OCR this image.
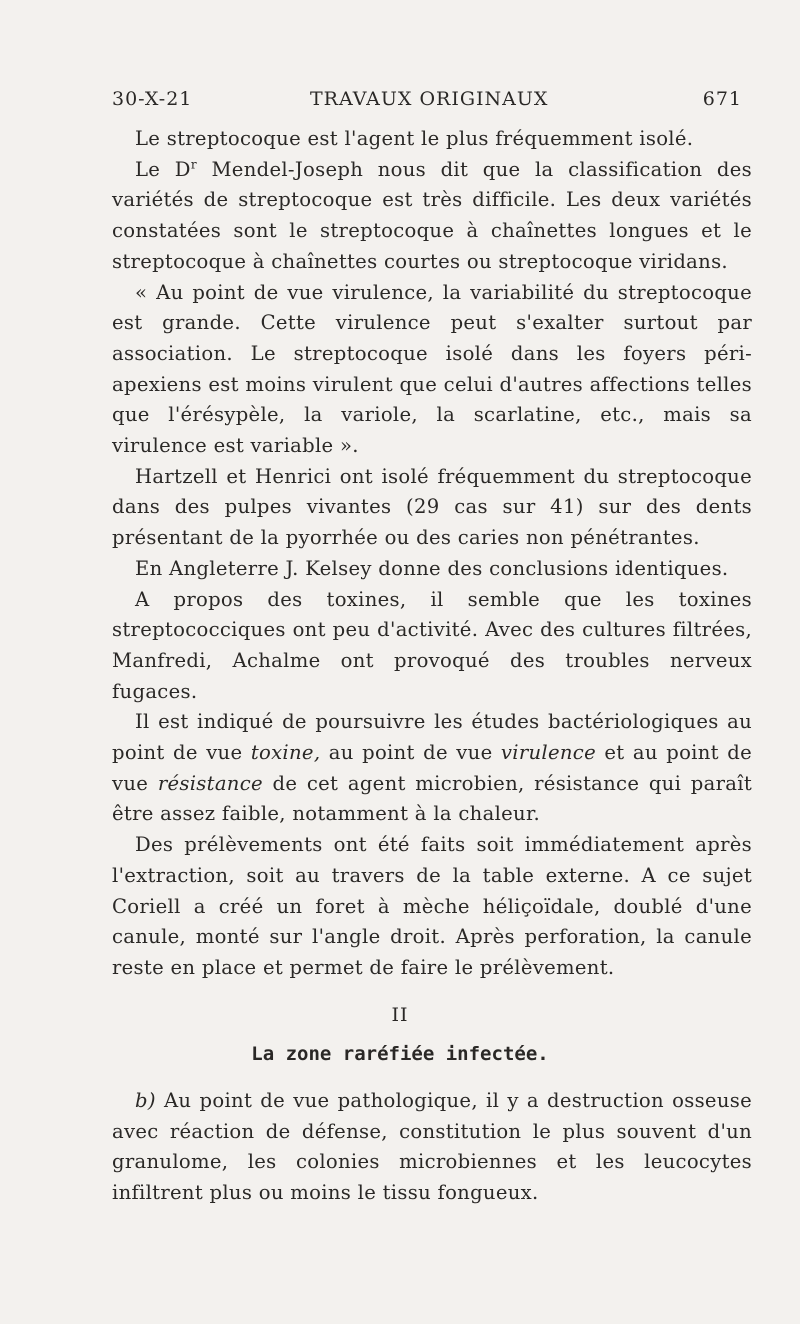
30-X-21	TRAVAUX ORIGINAUX	671

Le streptocoque est l'agent le plus fréquemment isolé.

Le $D^r$ Mendel-Joseph nous dit que la classification des variétés de streptocoque est très difficile. Les deux variétés constatées sont le streptocoque à chaînettes longues et le streptocoque à chaînettes courtes ou streptocoque viridans.

« Au point de vue virulence, la variabilité du streptocoque est grande. Cette virulence peut s'exalter surtout par association. Le streptocoque isolé dans les foyers péri-apexiens est moins virulent que celui d'autres affections telles que l'érésypèle, la variole, la scarlatine, etc., mais sa virulence est variable ».

Hartzell et Henrici ont isolé fréquemment du streptocoque dans des pulpes vivantes (29 cas sur 41) sur des dents présentant de la pyorrhée ou des caries non pénétrantes.

En Angleterre J. Kelsey donne des conclusions identiques.

A propos des toxines, il semble que les toxines streptococciques ont peu d'activité. Avec des cultures filtrées, Manfredi, Achalme ont provoqué des troubles nerveux fugaces.

Il est indiqué de poursuivre les études bactériologiques au point de vue toxine, au point de vue virulence et au point de vue résistance de cet agent microbien, résistance qui paraît être assez faible, notamment à la chaleur.

Des prélèvements ont été faits soit immédiatement après l'extraction, soit au travers de la table externe. A ce sujet Coriell a créé un foret à mèche héliçoïdale, doublé d'une canule, monté sur l'angle droit. Après perforation, la canule reste en place et permet de faire le prélèvement.

II
La zone raréfiée infectée.

b) Au point de vue pathologique, il y a destruction osseuse avec réaction de défense, constitution le plus souvent d'un granulome, les colonies microbiennes et les leucocytes infiltrent plus ou moins le tissu fongueux.
